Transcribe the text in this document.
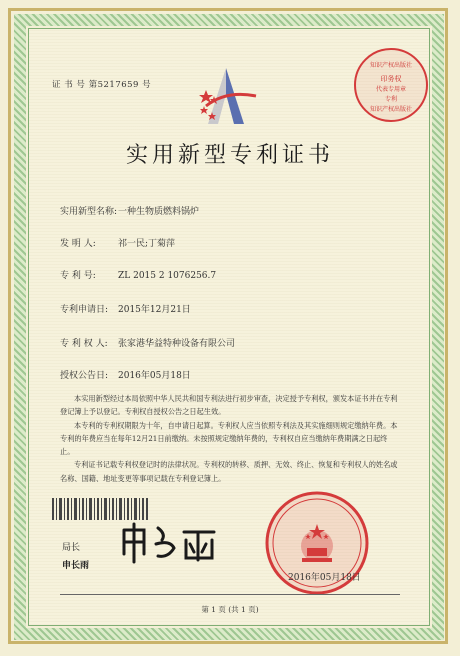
证 书 号 第5217659 号
知识产权出版社
印务权
代表专用章
专利
知识产权出版社
实用新型专利证书
实用新型名称:一种生物质燃料锅炉
发 明 人: 祁一民;丁菊萍
专 利 号: ZL 2015 2 1076256.7
专利申请日: 2015年12月21日
专 利 权 人: 张家港华益特种设备有限公司
授权公告日: 2016年05月18日

本实用新型经过本局依照中华人民共和国专利法进行初步审查，决定授予专利权，颁发本证书并在专利登记簿上予以登记。专利权自授权公告之日起生效。

本专利的专利权期限为十年，自申请日起算。专利权人应当依照专利法及其实施细则规定缴纳年费。本专利的年费应当在每年12月21日前缴纳。未按照规定缴纳年费的，专利权自应当缴纳年费期满之日起终止。

专利证书记载专利权登记时的法律状况。专利权的转移、质押、无效、终止、恢复和专利权人的姓名或名称、国籍、地址变更等事项记载在专利登记簿上。

局长
申长雨
2016年05月18日
第 1 页 (共 1 页)
